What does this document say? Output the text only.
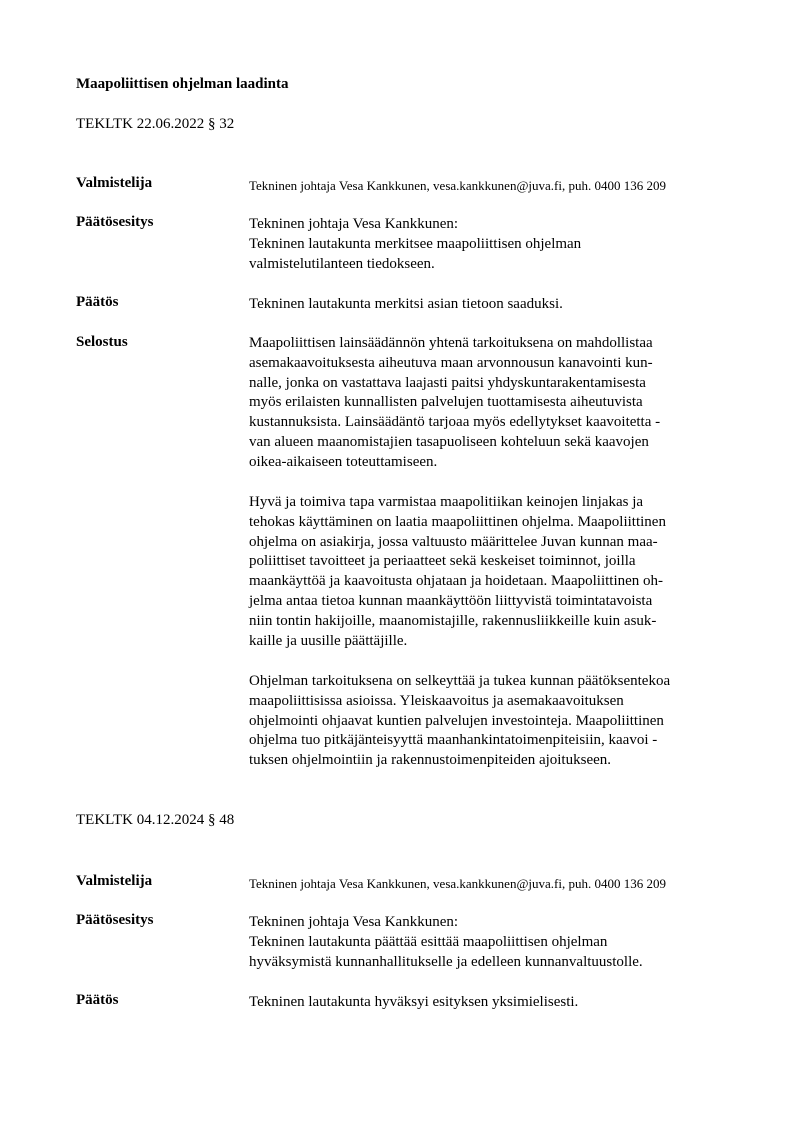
Maapoliittisen ohjelman laadinta
TEKLTK 22.06.2022 § 32
Valmistelija	Tekninen johtaja Vesa Kankkunen, vesa.kankkunen@juva.fi, puh. 0400 136 209
Päätösesitys	Tekninen johtaja Vesa Kankkunen:
Tekninen lautakunta merkitsee maapoliittisen ohjelman
valmistelutilanteen tiedokseen.
Päätös	Tekninen lautakunta merkitsi asian tietoon saaduksi.
Selostus	Maapoliittisen lainsäädännön yhtenä tarkoituksena on mahdollistaa
asemakaavoituksesta aiheutuva maan arvonnousun kanavointi kun-
nalle, jonka on vastattava laajasti paitsi yhdyskuntarakentamisesta
myös erilaisten kunnallisten palvelujen tuottamisesta aiheutuvista
kustannuksista. Lainsäädäntö tarjoaa myös edellytykset kaavoitetta -
van alueen maanomistajien tasapuoliseen kohteluun sekä kaavojen
oikea-aikaiseen toteuttamiseen.
Hyvä ja toimiva tapa varmistaa maapolitiikan keinojen linjakas ja
tehokas käyttäminen on laatia maapoliittinen ohjelma. Maapoliittinen
ohjelma on asiakirja, jossa valtuusto määrittelee Juvan kunnan maa-
poliittiset tavoitteet ja periaatteet sekä keskeiset toiminnot, joilla
maankäyttöä ja kaavoitusta ohjataan ja hoidetaan. Maapoliittinen oh-
jelma antaa tietoa kunnan maankäyttöön liittyvistä toimintatavoista
niin tontin hakijoille, maanomistajille, rakennusliikkeille kuin asuk-
kaille ja uusille päättäjille.
Ohjelman tarkoituksena on selkeyttää ja tukea kunnan päätöksentekoa
maapoliittisissa asioissa. Yleiskaavoitus ja asemakaavoituksen
ohjelmointi ohjaavat kuntien palvelujen investointeja. Maapoliittinen
ohjelma tuo pitkäjänteisyyttä maanhankintatoimenpiteisiin, kaavoi -
tuksen ohjelmointiin ja rakennustoimenpiteiden ajoitukseen.
TEKLTK 04.12.2024 § 48
Valmistelija	Tekninen johtaja Vesa Kankkunen, vesa.kankkunen@juva.fi, puh. 0400 136 209
Päätösesitys	Tekninen johtaja Vesa Kankkunen:
Tekninen lautakunta päättää esittää maapoliittisen ohjelman
hyväksymistä kunnanhallitukselle ja edelleen kunnanvaltuustolle.
Päätös	Tekninen lautakunta hyväksyi esityksen yksimielisesti.
